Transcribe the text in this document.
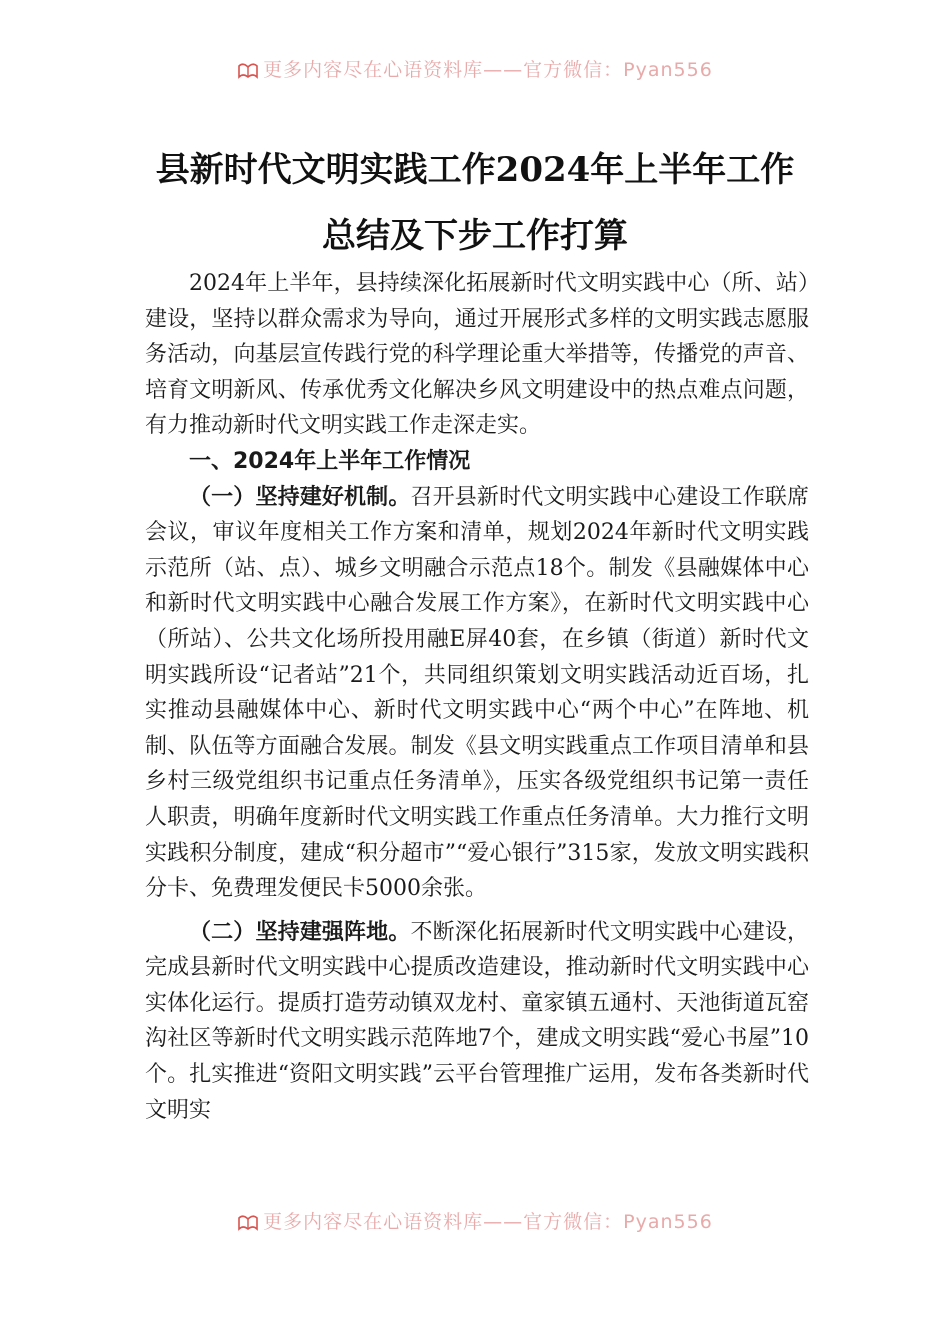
更多内容尽在心语资料库——官方微信：Pyan556
县新时代文明实践工作2024年上半年工作
总结及下步工作打算

2024年上半年，县持续深化拓展新时代文明实践中心（所、站）建设，坚持以群众需求为导向，通过开展形式多样的文明实践志愿服务活动，向基层宣传践行党的科学理论重大举措等，传播党的声音、培育文明新风、传承优秀文化解决乡风文明建设中的热点难点问题，有力推动新时代文明实践工作走深走实。

一、2024年上半年工作情况

（一）坚持建好机制。召开县新时代文明实践中心建设工作联席会议，审议年度相关工作方案和清单，规划2024年新时代文明实践示范所（站、点）、城乡文明融合示范点18个。制发《县融媒体中心和新时代文明实践中心融合发展工作方案》，在新时代文明实践中心（所站）、公共文化场所投用融E屏40套，在乡镇（街道）新时代文明实践所设“记者站”21个，共同组织策划文明实践活动近百场，扎实推动县融媒体中心、新时代文明实践中心“两个中心”在阵地、机制、队伍等方面融合发展。制发《县文明实践重点工作项目清单和县乡村三级党组织书记重点任务清单》，压实各级党组织书记第一责任人职责，明确年度新时代文明实践工作重点任务清单。大力推行文明实践积分制度，建成“积分超市”“爱心银行”315家，发放文明实践积分卡、免费理发便民卡5000余张。

（二）坚持建强阵地。不断深化拓展新时代文明实践中心建设，完成县新时代文明实践中心提质改造建设，推动新时代文明实践中心实体化运行。提质打造劳动镇双龙村、童家镇五通村、天池街道瓦窑沟社区等新时代文明实践示范阵地7个，建成文明实践“爱心书屋”10个。扎实推进“资阳文明实践”云平台管理推广运用，发布各类新时代文明实

更多内容尽在心语资料库——官方微信：Pyan556
